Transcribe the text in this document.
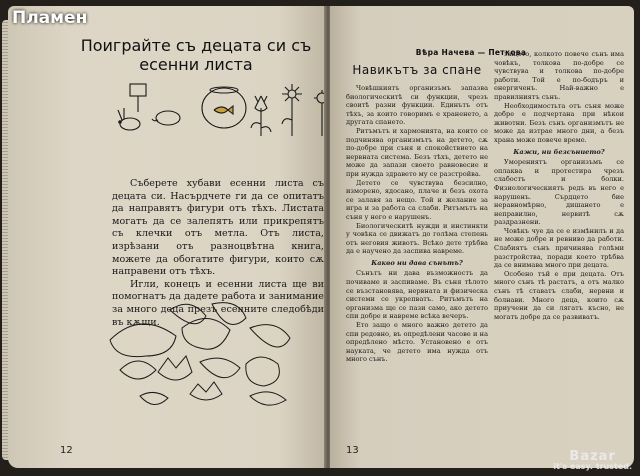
Поиграйте съ децата си съ
есенни листа

Съберете хубави есенни листа съ децата си. Насърдчете ги да се опитатъ да направятъ фигури отъ тѣхъ. Листата могатъ да се залепятъ или прикрепятъ съ клечки отъ метла. Отъ листа, изрѣзани отъ разноцвѣтна книга, можете да обогатите фигури, които сѫ направени отъ тѣхъ.

Игли, конецъ и есенни листа ще ви помогнатъ да дадете работа и занимание за много деца презъ есенните следобѣди въ кѫщи.

12
Вѣра Начева — Петкова
Навикътъ за спане

Човѣшкиятъ организъмъ запазва биологическитѣ си функции, чрезъ своитѣ разни функции. Единътъ отъ тѣхъ, за които говоримъ е храненето, а другата спането.

Ритъмътъ и хармонията, на които се подчинява организмътъ на детето, сѫ по-добре при съня и спокойствието на нервната система. Безъ тѣхъ, детето не може да запази своето равновесие и при нужда здравето му се разстройва.

Детето се чувствува безсилно, изморено, ядосано, плаче и безъ охота се залавя за нещо. Той и желание за игра и за работа са слаби. Ритъмътъ на съня у него е нарушенъ.

Биологическитѣ нужди и инстинкти у човѣка се движатъ до голѣма степень отъ неговия животъ. Всѣко дете трѣбва да е научено да заспива навреме.

Какво ни дава сънътъ?

Сънътъ ни дава възможностъ да почиваме и заспиваме. Въ съня тѣлото се възстановява, нервната и физическа системи се укрепватъ. Ритъмътъ на организма ще се пази само, ако детето спи добре и навреме всѣка вечеръ.

Ето защо е много важно детето да спи редовно, въ опредѣлени часове и на опредѣлено мѣсто. Установено е отъ науката, че детето има нужда отъ много сънъ.

защото, колкото повече сънъ има човѣкъ, толкова по-добре се чувствува и толкова по-добре работи. Той е по-бодъръ и енергиченъ. Най-важно е правилниятъ сънъ.

Необходимостьта отъ съня може добре е подчертана при нѣкои животни. Безъ сънъ организмътъ не може да изтрае много дни, а безъ храна може повече време.

Кажи, ни безсънието?

Уморениятъ организъмъ се оплаква и протестира чрезъ слабостъ и болки. Физиологическиятъ редъ въ него е нарушенъ. Сърдцето бие неравномѣрно, дишането е неправилно, нервитѣ сѫ раздразнени.

Човѣкъ чуе да се е измѣнилъ и да не може добре и ревниво да работи. Слабиятъ сънъ причинява голѣми разстройства, поради което трѣбва да се внимава много при децата.

Особено тъй е при децата. Отъ много сънъ тѣ растатъ, а отъ малко сънъ тѣ ставатъ слаби, нервни и болнави. Много деца, които сѫ приучени да си лягатъ късно, не могатъ добре да се развиватъ.

13
Пламен
Bazar
it's easy. trusted.
